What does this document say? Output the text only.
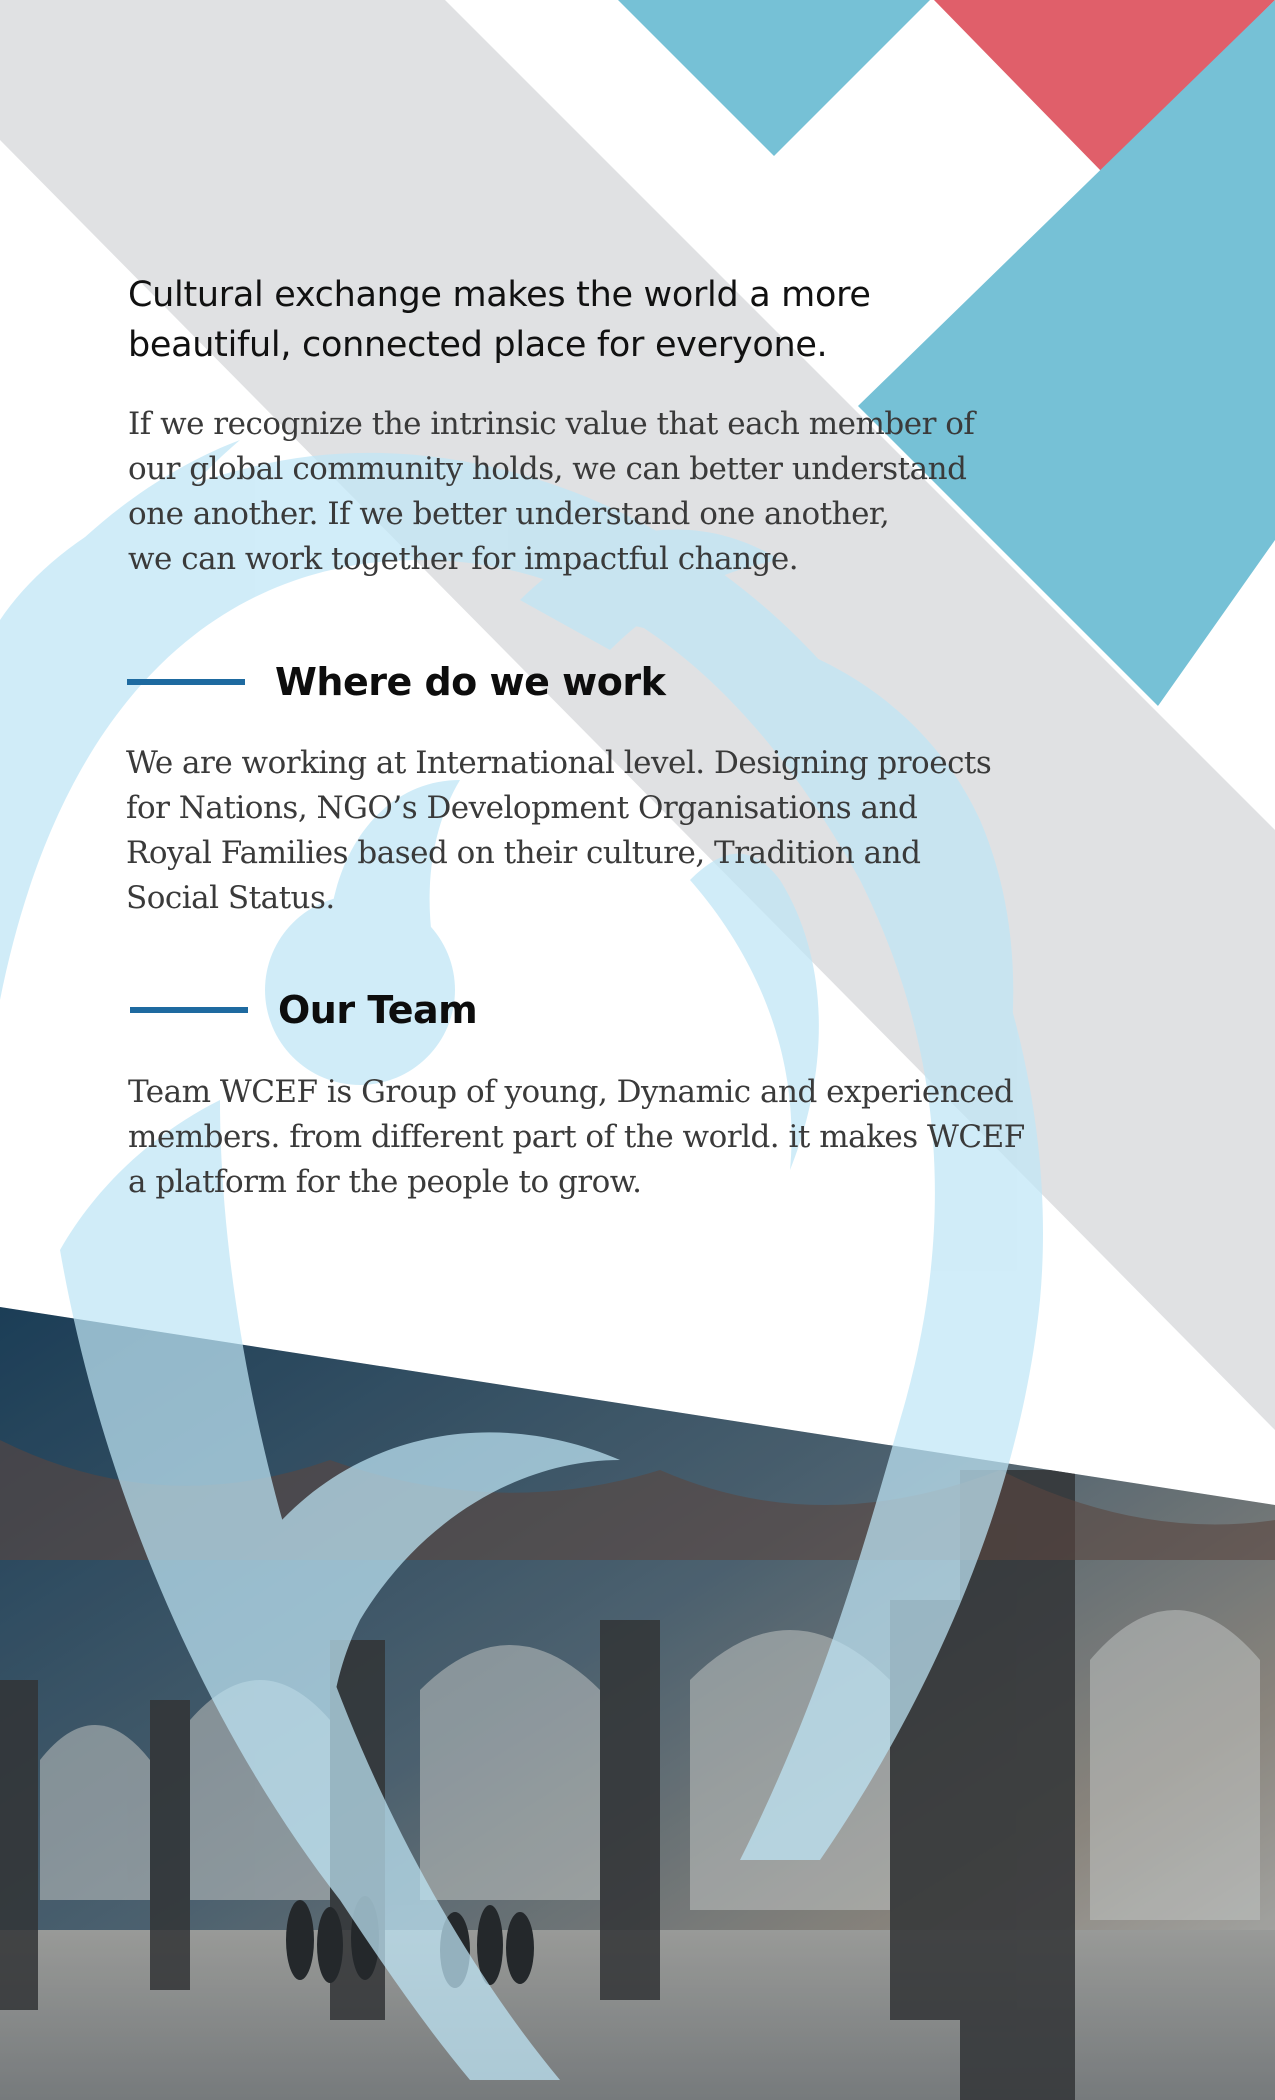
Cultural exchange makes the world a more beautiful, connected place for everyone.

If we recognize the intrinsic value that each member of
our global community holds, we can better understand
one another. If we better understand one another,
we can work together for impactful change.

Where do we work

We are working at International level. Designing proects
for Nations, NGO’s Development Organisations and
Royal Families based on their culture, Tradition and
Social Status.

Our Team

Team WCEF is Group of young, Dynamic and experienced
members. from different part of the world. it makes WCEF
a platform for the people to grow.
